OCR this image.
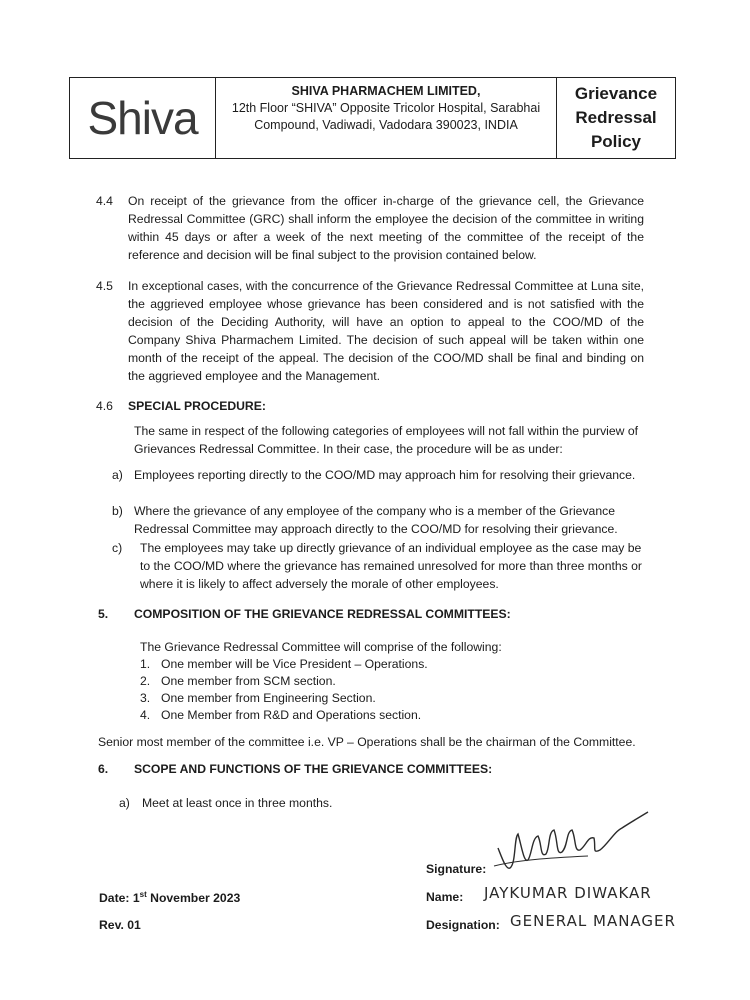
Shiva
SHIVA PHARMACHEM LIMITED,
12th Floor “SHIVA” Opposite Tricolor Hospital, Sarabhai
Compound, Vadiwadi, Vadodara 390023, INDIA
Grievance
Redressal
Policy
4.4 On receipt of the grievance from the officer in-charge of the grievance cell, the Grievance Redressal Committee (GRC) shall inform the employee the decision of the committee in writing within 45 days or after a week of the next meeting of the committee of the receipt of the reference and decision will be final subject to the provision contained below.
4.5 In exceptional cases, with the concurrence of the Grievance Redressal Committee at Luna site, the aggrieved employee whose grievance has been considered and is not satisfied with the decision of the Deciding Authority, will have an option to appeal to the COO/MD of the Company Shiva Pharmachem Limited. The decision of such appeal will be taken within one month of the receipt of the appeal. The decision of the COO/MD shall be final and binding on the aggrieved employee and the Management.
4.6 SPECIAL PROCEDURE:
The same in respect of the following categories of employees will not fall within the purview of Grievances Redressal Committee. In their case, the procedure will be as under:
a) Employees reporting directly to the COO/MD may approach him for resolving their grievance.
b) Where the grievance of any employee of the company who is a member of the Grievance Redressal Committee may approach directly to the COO/MD for resolving their grievance.
c) The employees may take up directly grievance of an individual employee as the case may be to the COO/MD where the grievance has remained unresolved for more than three months or where it is likely to affect adversely the morale of other employees.
5. COMPOSITION OF THE GRIEVANCE REDRESSAL COMMITTEES:
The Grievance Redressal Committee will comprise of the following:
1. One member will be Vice President – Operations.
2. One member from SCM section.
3. One member from Engineering Section.
4. One Member from R&D and Operations section.
Senior most member of the committee i.e. VP – Operations shall be the chairman of the Committee.
6. SCOPE AND FUNCTIONS OF THE GRIEVANCE COMMITTEES:
a) Meet at least once in three months.
Date: 1st November 2023
Rev. 01
Signature:
Name: JAYKUMAR DIWAKAR
Designation: GENERAL MANAGER
